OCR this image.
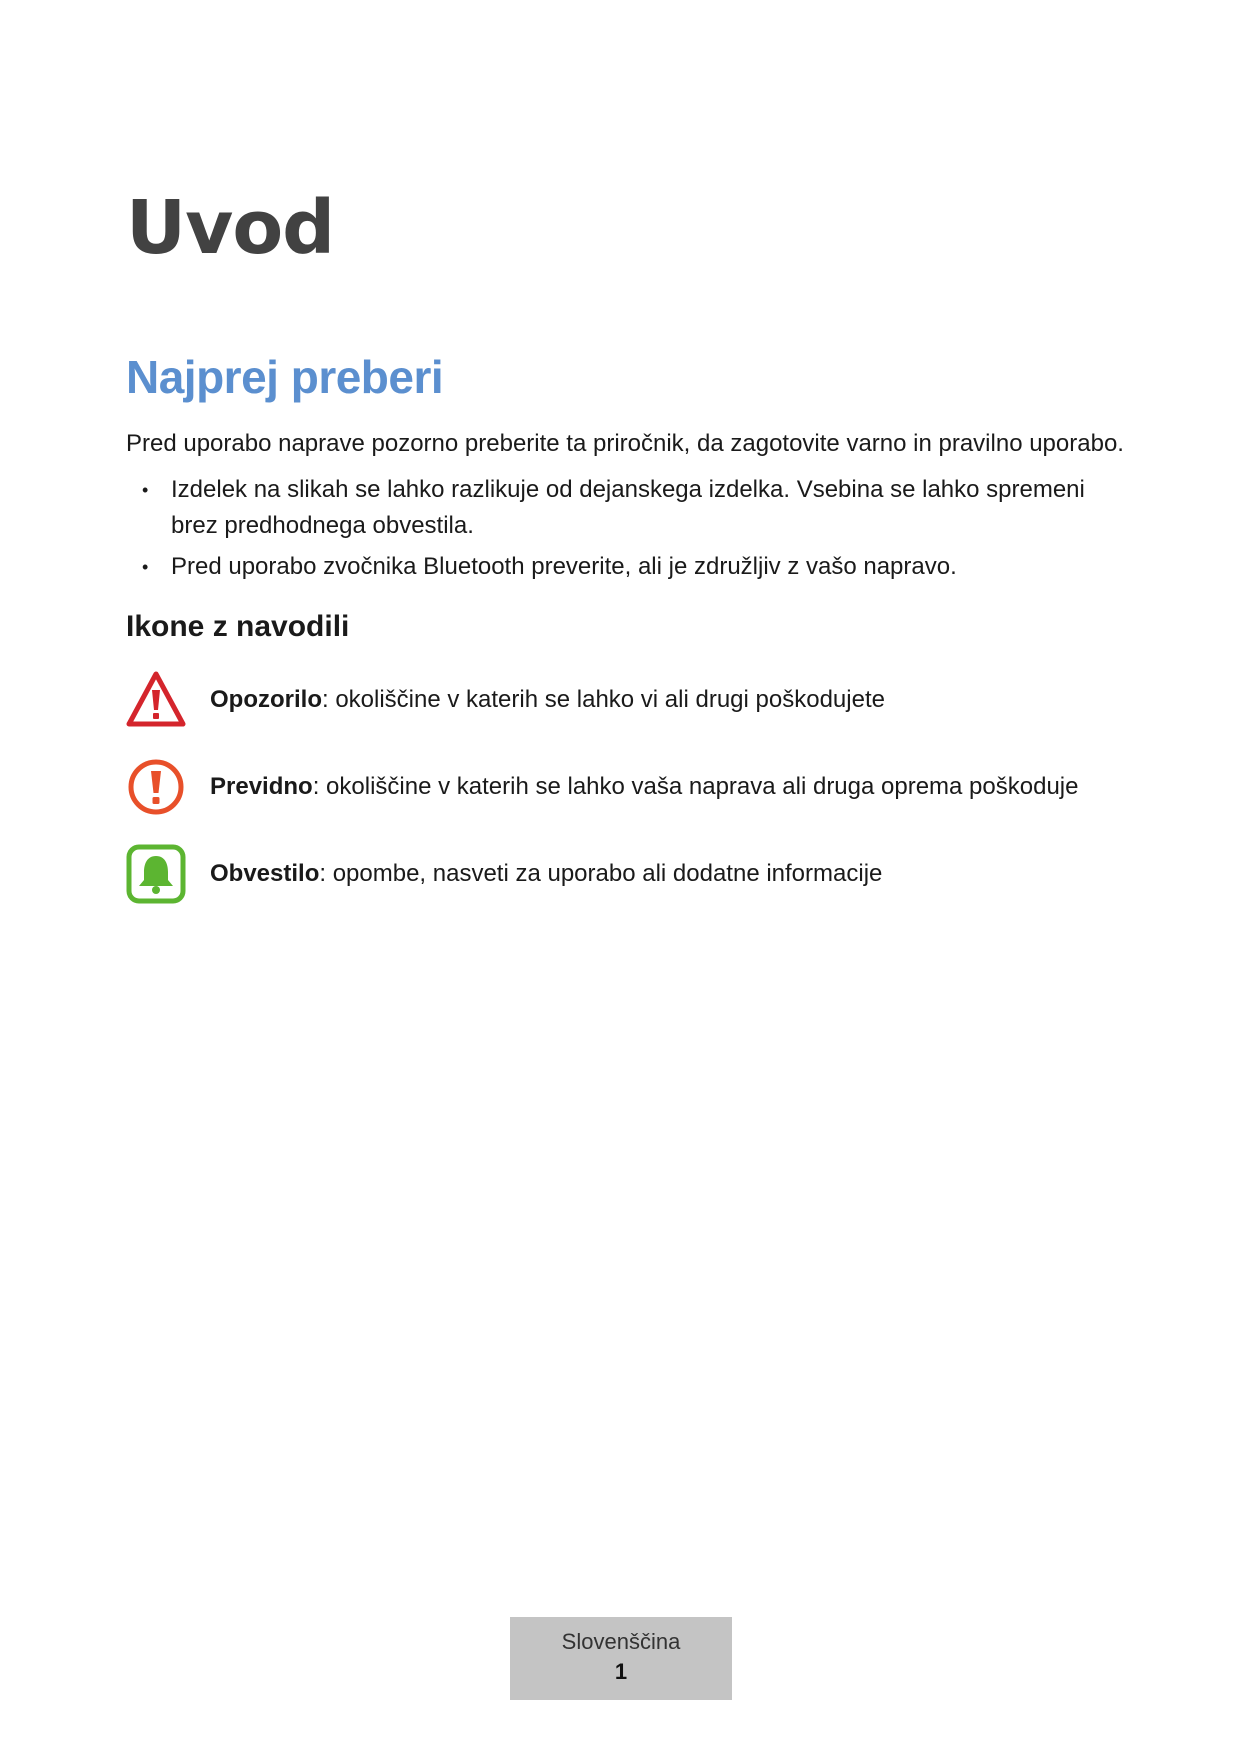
Uvod
Najprej preberi

Pred uporabo naprave pozorno preberite ta priročnik, da zagotovite varno in pravilno uporabo.

• Izdelek na slikah se lahko razlikuje od dejanskega izdelka. Vsebina se lahko spremeni brez predhodnega obvestila.
• Pred uporabo zvočnika Bluetooth preverite, ali je združljiv z vašo napravo.
Ikone z navodili
Opozorilo: okoliščine v katerih se lahko vi ali drugi poškodujete
Previdno: okoliščine v katerih se lahko vaša naprava ali druga oprema poškoduje
Obvestilo: opombe, nasveti za uporabo ali dodatne informacije
Slovenščina
1
